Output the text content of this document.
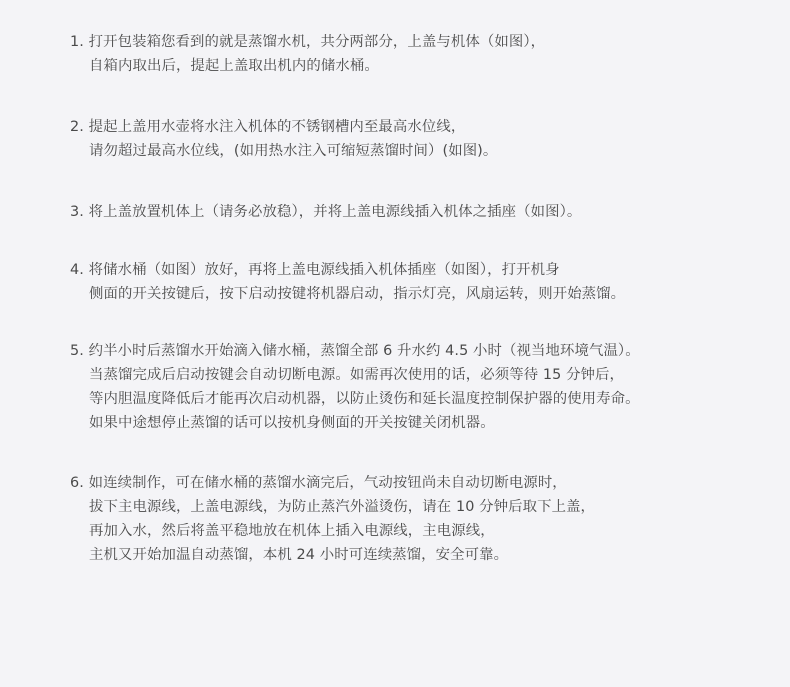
1. 打开包装箱您看到的就是蒸馏水机，共分两部分，上盖与机体（如图），
自箱内取出后，提起上盖取出机内的储水桶。
2. 提起上盖用水壶将水注入机体的不锈钢槽内至最高水位线，
请勿超过最高水位线，(如用热水注入可缩短蒸馏时间）(如图)。
3. 将上盖放置机体上（请务必放稳），并将上盖电源线插入机体之插座（如图）。
4. 将储水桶（如图）放好，再将上盖电源线插入机体插座（如图），打开机身
侧面的开关按键后，按下启动按键将机器启动，指示灯亮，风扇运转，则开始蒸馏。
5. 约半小时后蒸馏水开始滴入储水桶，蒸馏全部 6 升水约 4.5 小时（视当地环境气温）。
当蒸馏完成后启动按键会自动切断电源。如需再次使用的话，必须等待 15 分钟后，
等内胆温度降低后才能再次启动机器，以防止烫伤和延长温度控制保护器的使用寿命。
如果中途想停止蒸馏的话可以按机身侧面的开关按键关闭机器。
6. 如连续制作，可在储水桶的蒸馏水滴完后，气动按钮尚未自动切断电源时，
拔下主电源线，上盖电源线，为防止蒸汽外溢烫伤，请在 10 分钟后取下上盖，
再加入水，然后将盖平稳地放在机体上插入电源线，主电源线，
主机又开始加温自动蒸馏，本机 24 小时可连续蒸馏，安全可靠。
